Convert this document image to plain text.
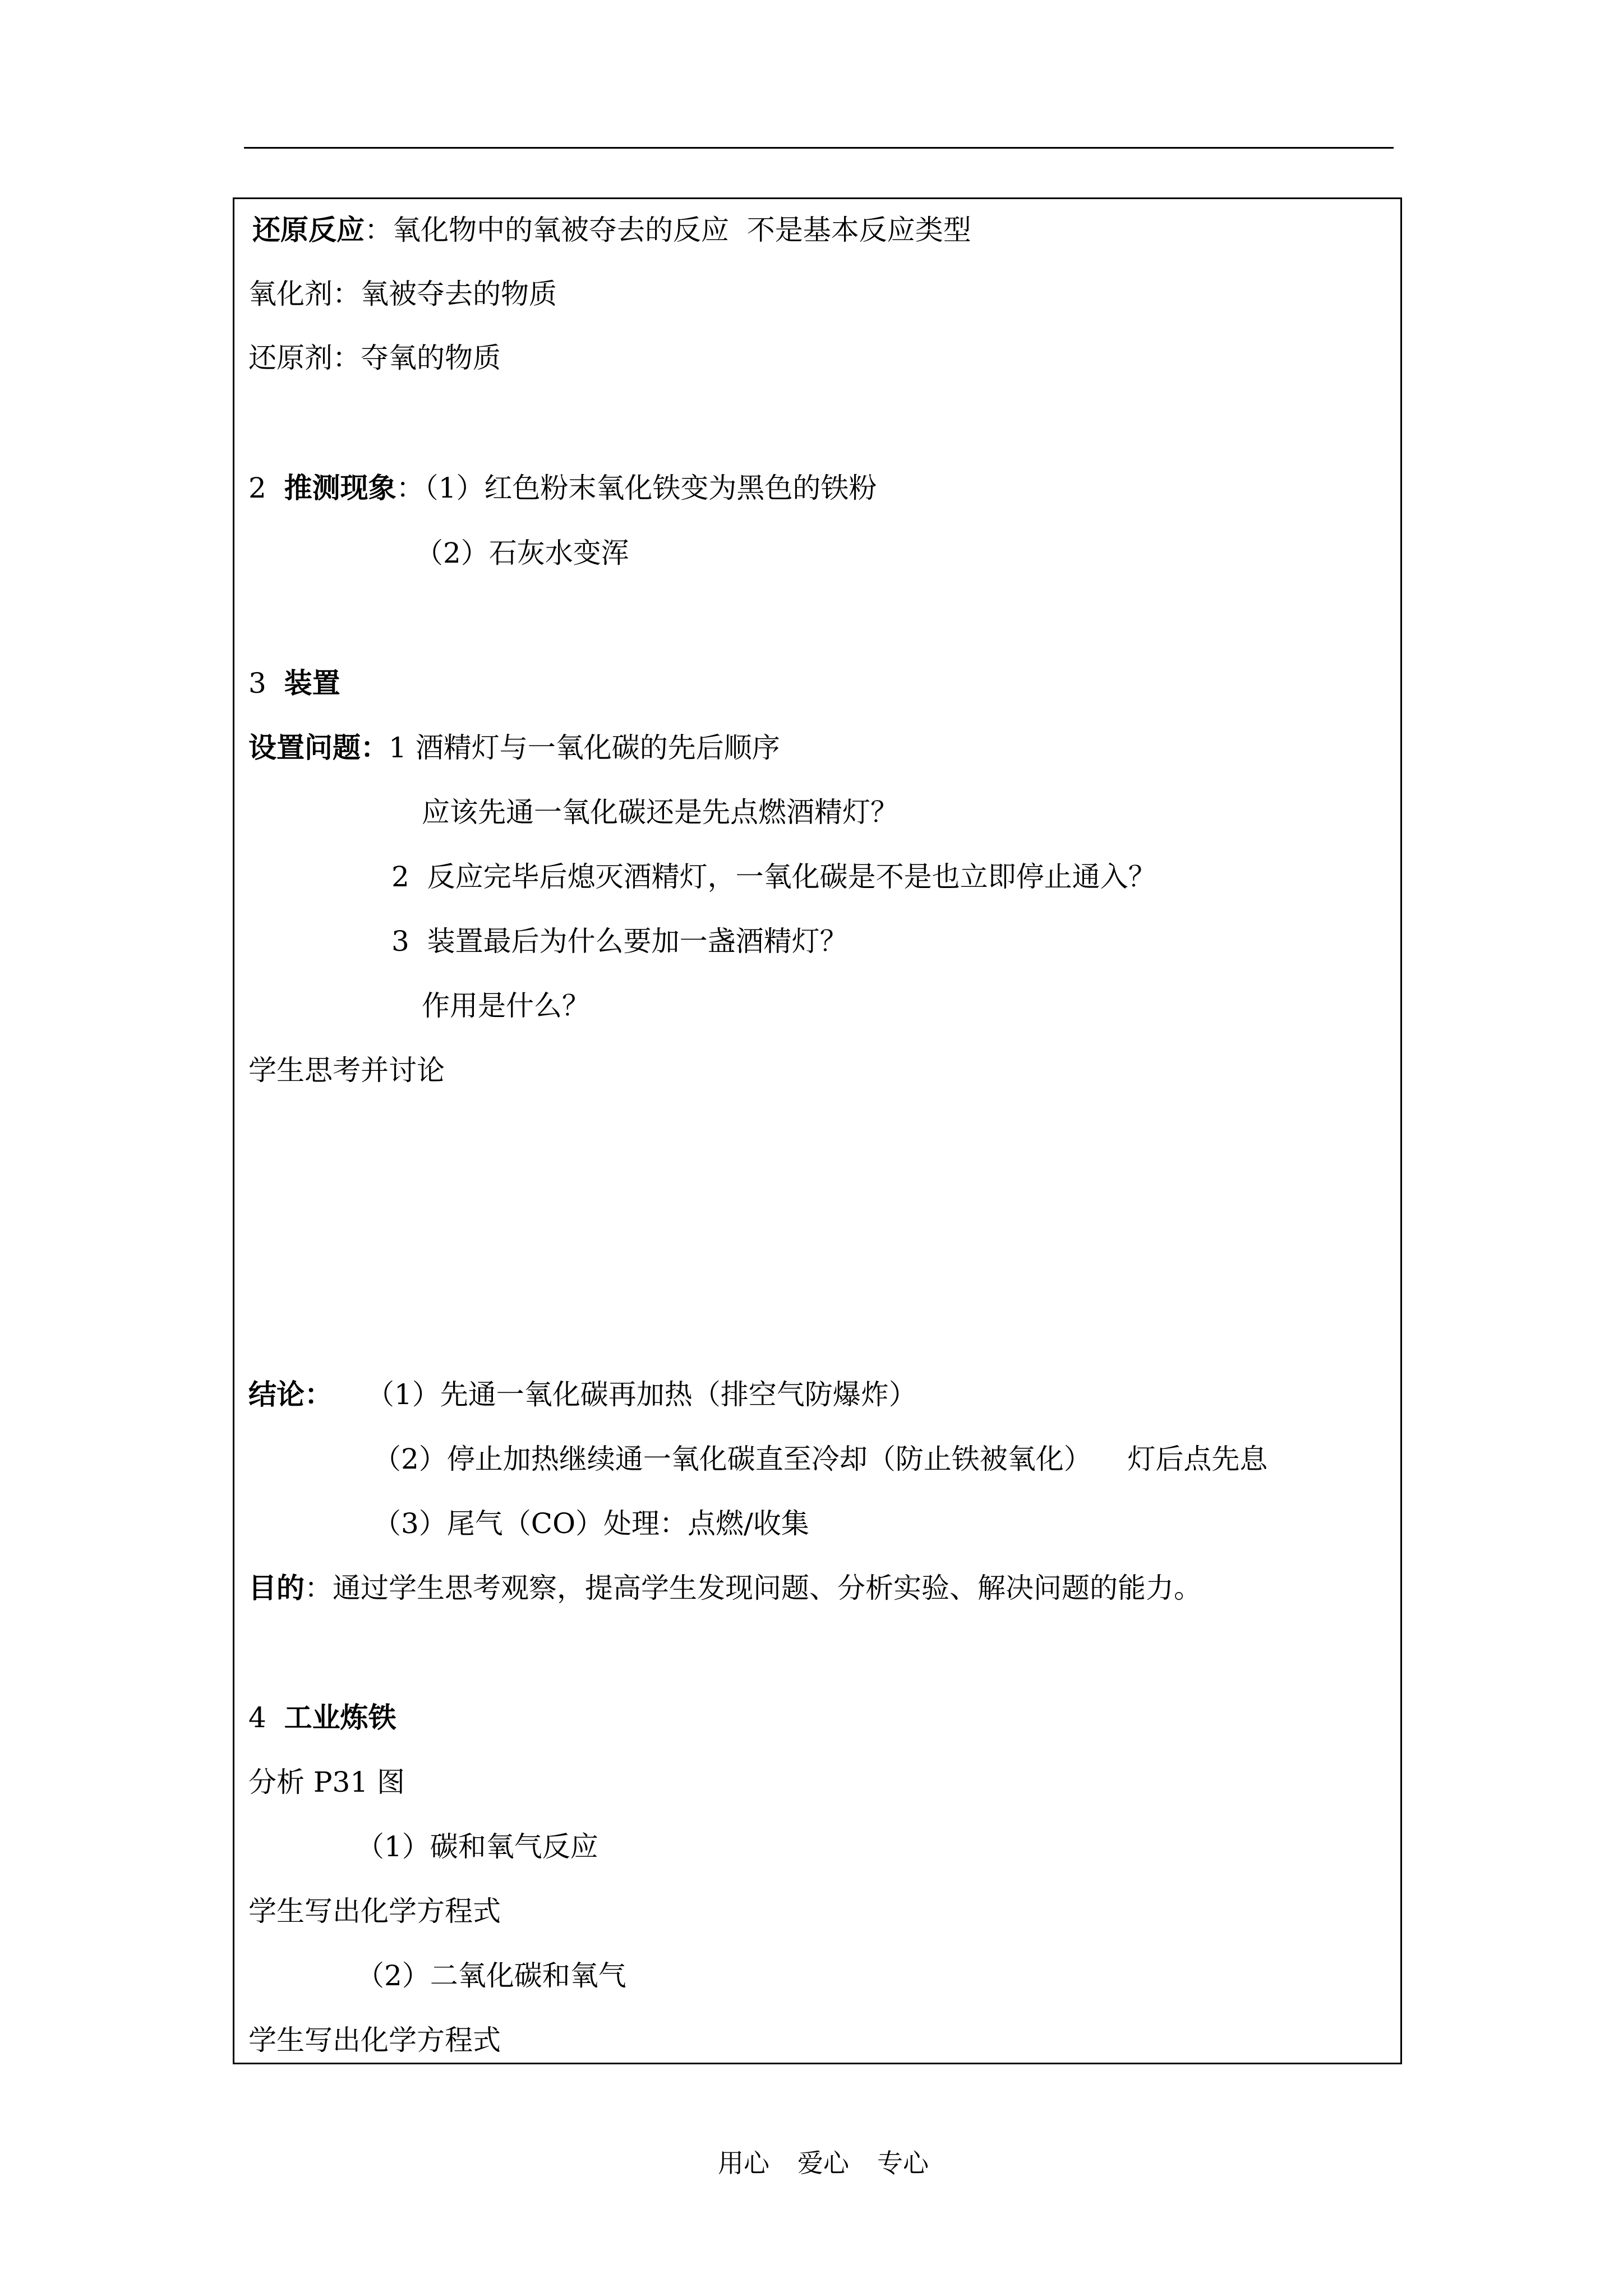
还原反应：氧化物中的氧被夺去的反应  不是基本反应类型
氧化剂：氧被夺去的物质
还原剂：夺氧的物质
2  推测现象：（1）红色粉末氧化铁变为黑色的铁粉
（2）石灰水变浑
3  装置
设置问题：1 酒精灯与一氧化碳的先后顺序
应该先通一氧化碳还是先点燃酒精灯？
2  反应完毕后熄灭酒精灯，一氧化碳是不是也立即停止通入？
3  装置最后为什么要加一盏酒精灯？
作用是什么？
学生思考并讨论
结论： （1）先通一氧化碳再加热（排空气防爆炸）
（2）停止加热继续通一氧化碳直至冷却（防止铁被氧化）    灯后点先息
（3）尾气（CO）处理：点燃/收集
目的：通过学生思考观察，提高学生发现问题、分析实验、解决问题的能力。
4  工业炼铁
分析 P31 图
（1）碳和氧气反应
学生写出化学方程式
（2）二氧化碳和氧气
学生写出化学方程式
用心 爱心 专心
